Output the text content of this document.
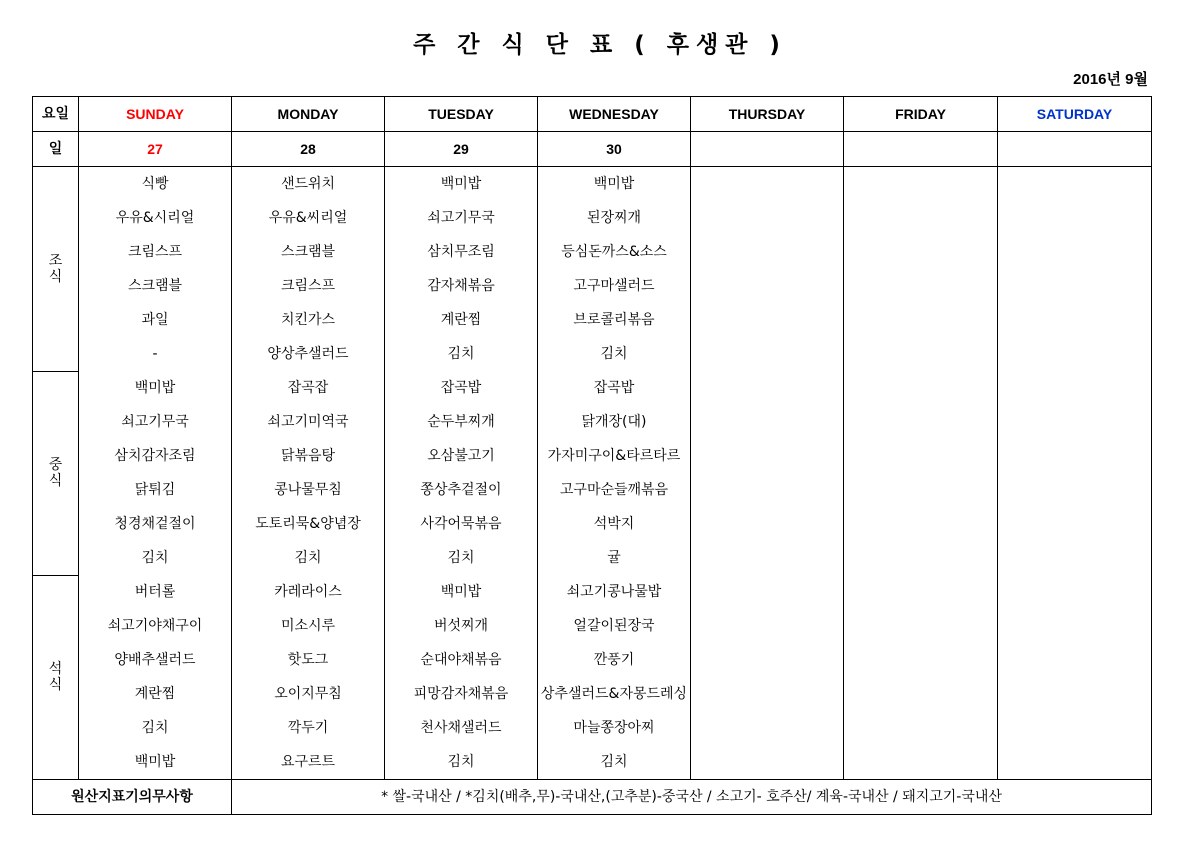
주 간 식 단 표 ( 후생관 )
2016년 9월
요일	SUNDAY	MONDAY	TUESDAY	WEDNESDAY	THURSDAY	FRIDAY	SATURDAY
일	27	28	29	30			

조
식	식빵	샌드위치	백미밥	백미밥			
	우유&시리얼	우유&씨리얼	쇠고기무국	된장찌개			
	크림스프	스크램블	삼치무조림	등심돈까스&소스			
	스크램블	크림스프	감자채볶음	고구마샐러드			
	과일	치킨가스	계란찜	브로콜리볶음			
	-	양상추샐러드	김치	김치			

중
식	백미밥	잡곡잡	잡곡밥	잡곡밥			
	쇠고기무국	쇠고기미역국	순두부찌개	닭개장(대)			
	삼치감자조림	닭볶음탕	오삼불고기	가자미구이&타르타르			
	닭튀김	콩나물무침	쫑상추겉절이	고구마순들깨볶음			
	청경채겉절이	도토리묵&양념장	사각어묵볶음	석박지			
	김치	김치	김치	귤			

석
식	버터롤	카레라이스	백미밥	쇠고기콩나물밥			
	쇠고기야채구이	미소시루	버섯찌개	얼갈이된장국			
	양배추샐러드	핫도그	순대야채볶음	깐풍기			
	계란찜	오이지무침	피망감자채볶음	상추샐러드&자몽드레싱			
	김치	깍두기	천사채샐러드	마늘쫑장아찌			
	백미밥	요구르트	김치	김치			
원산지표기의무사항		* 쌀-국내산 / *김치(배추,무)-국내산,(고추분)-중국산 / 소고기- 호주산/ 계육-국내산 / 돼지고기-국내산					
